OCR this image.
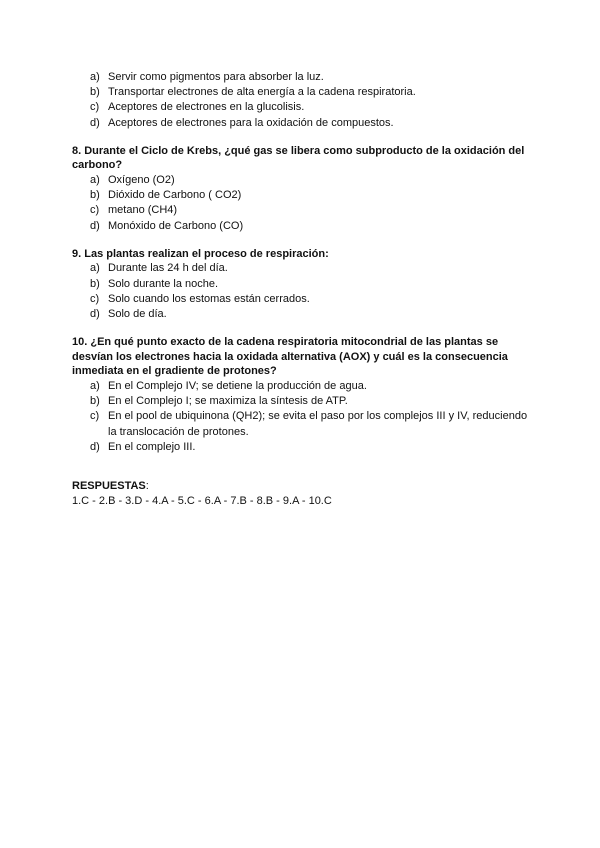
a) Servir como pigmentos para absorber la luz.
b) Transportar electrones de alta energía a la cadena respiratoria.
c) Aceptores de electrones en la glucolisis.
d) Aceptores de electrones para la oxidación de compuestos.

8. Durante el Ciclo de Krebs, ¿qué gas se libera como subproducto de la oxidación del carbono?

a) Oxígeno (O2)
b) Dióxido de Carbono ( CO2)
c) metano (CH4)
d) Monóxido de Carbono (CO)

9. Las plantas realizan el proceso de respiración:

a) Durante las 24 h del día.
b) Solo durante la noche.
c) Solo cuando los estomas están cerrados.
d) Solo de día.

10. ¿En qué punto exacto de la cadena respiratoria mitocondrial de las plantas se desvían los electrones hacia la oxidada alternativa (AOX) y cuál es la consecuencia inmediata en el gradiente de protones?

a) En el Complejo IV; se detiene la producción de agua.
b) En el Complejo I; se maximiza la síntesis de ATP.
c) En el pool de ubiquinona (QH2); se evita el paso por los complejos III y IV, reduciendo la translocación de protones.
d) En el complejo III.
RESPUESTAS:
1.C - 2.B - 3.D - 4.A - 5.C - 6.A - 7.B - 8.B - 9.A - 10.C
